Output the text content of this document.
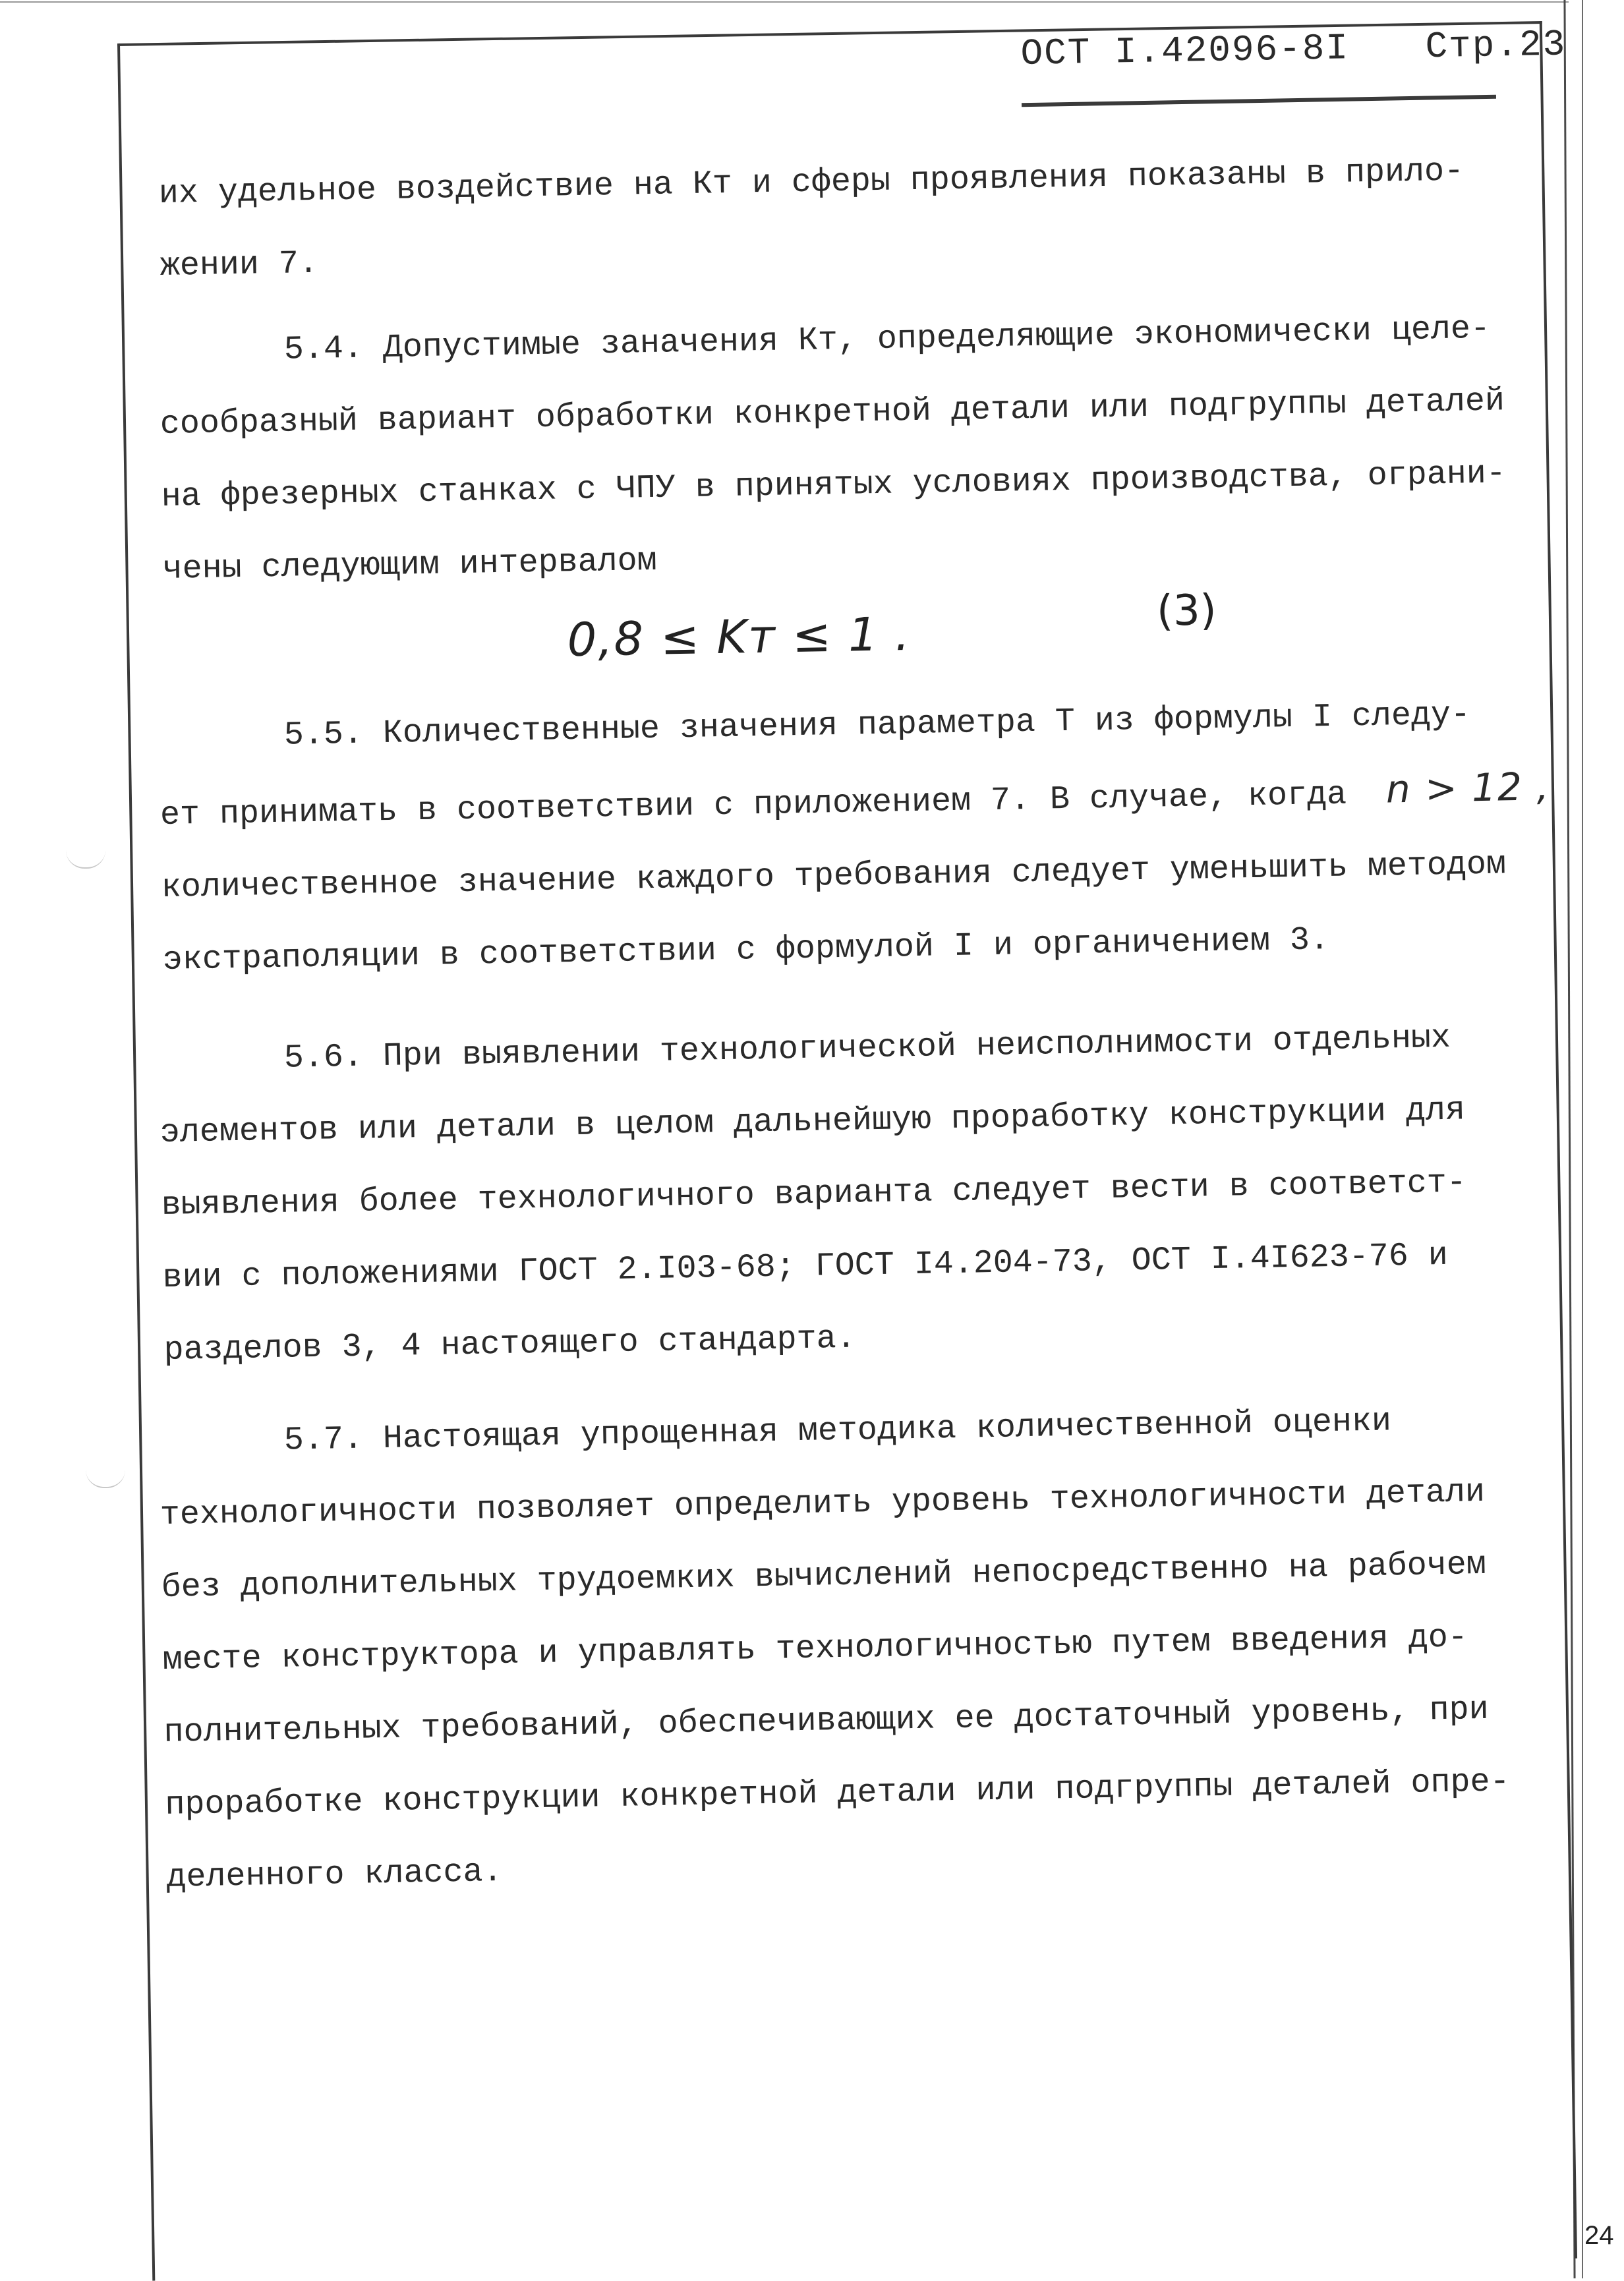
ОСТ I.42096-8I Стр.23
их удельное воздействие на Кт и сферы проявления показаны в прило-
жении 7.
5.4. Допустимые заначения Кт, определяющие экономически целе-
сообразный вариант обработки конкретной детали или подгруппы деталей
на фрезерных станках с ЧПУ в принятых условиях производства, ограни-
чены следующим интервалом
0,8 ≤ Kт ≤ 1 .	(3)
5.5. Количественные значения параметра Т из формулы I следу-
ет принимать в соответствии с приложением 7. В случае, когда n > 12 ,
количественное значение каждого требования следует уменьшить методом
экстраполяции в соответствии с формулой I и органичением 3.
5.6. При выявлении технологической неисполнимости отдельных
элементов или детали в целом дальнейшую проработку конструкции для
выявления более технологичного варианта следует вести в соответст-
вии с положениями ГОСТ 2.I03-68; ГОСТ I4.204-73, ОСТ I.4I623-76 и
разделов 3, 4 настоящего стандарта.
5.7. Настоящая упрощенная методика количественной оценки
технологичности позволяет определить уровень технологичности детали
без дополнительных трудоемких вычислений непосредственно на рабочем
месте конструктора и управлять технологичностью путем введения до-
полнительных требований, обеспечивающих ее достаточный уровень, при
проработке конструкции конкретной детали или подгруппы деталей опре-
деленного класса.
24
